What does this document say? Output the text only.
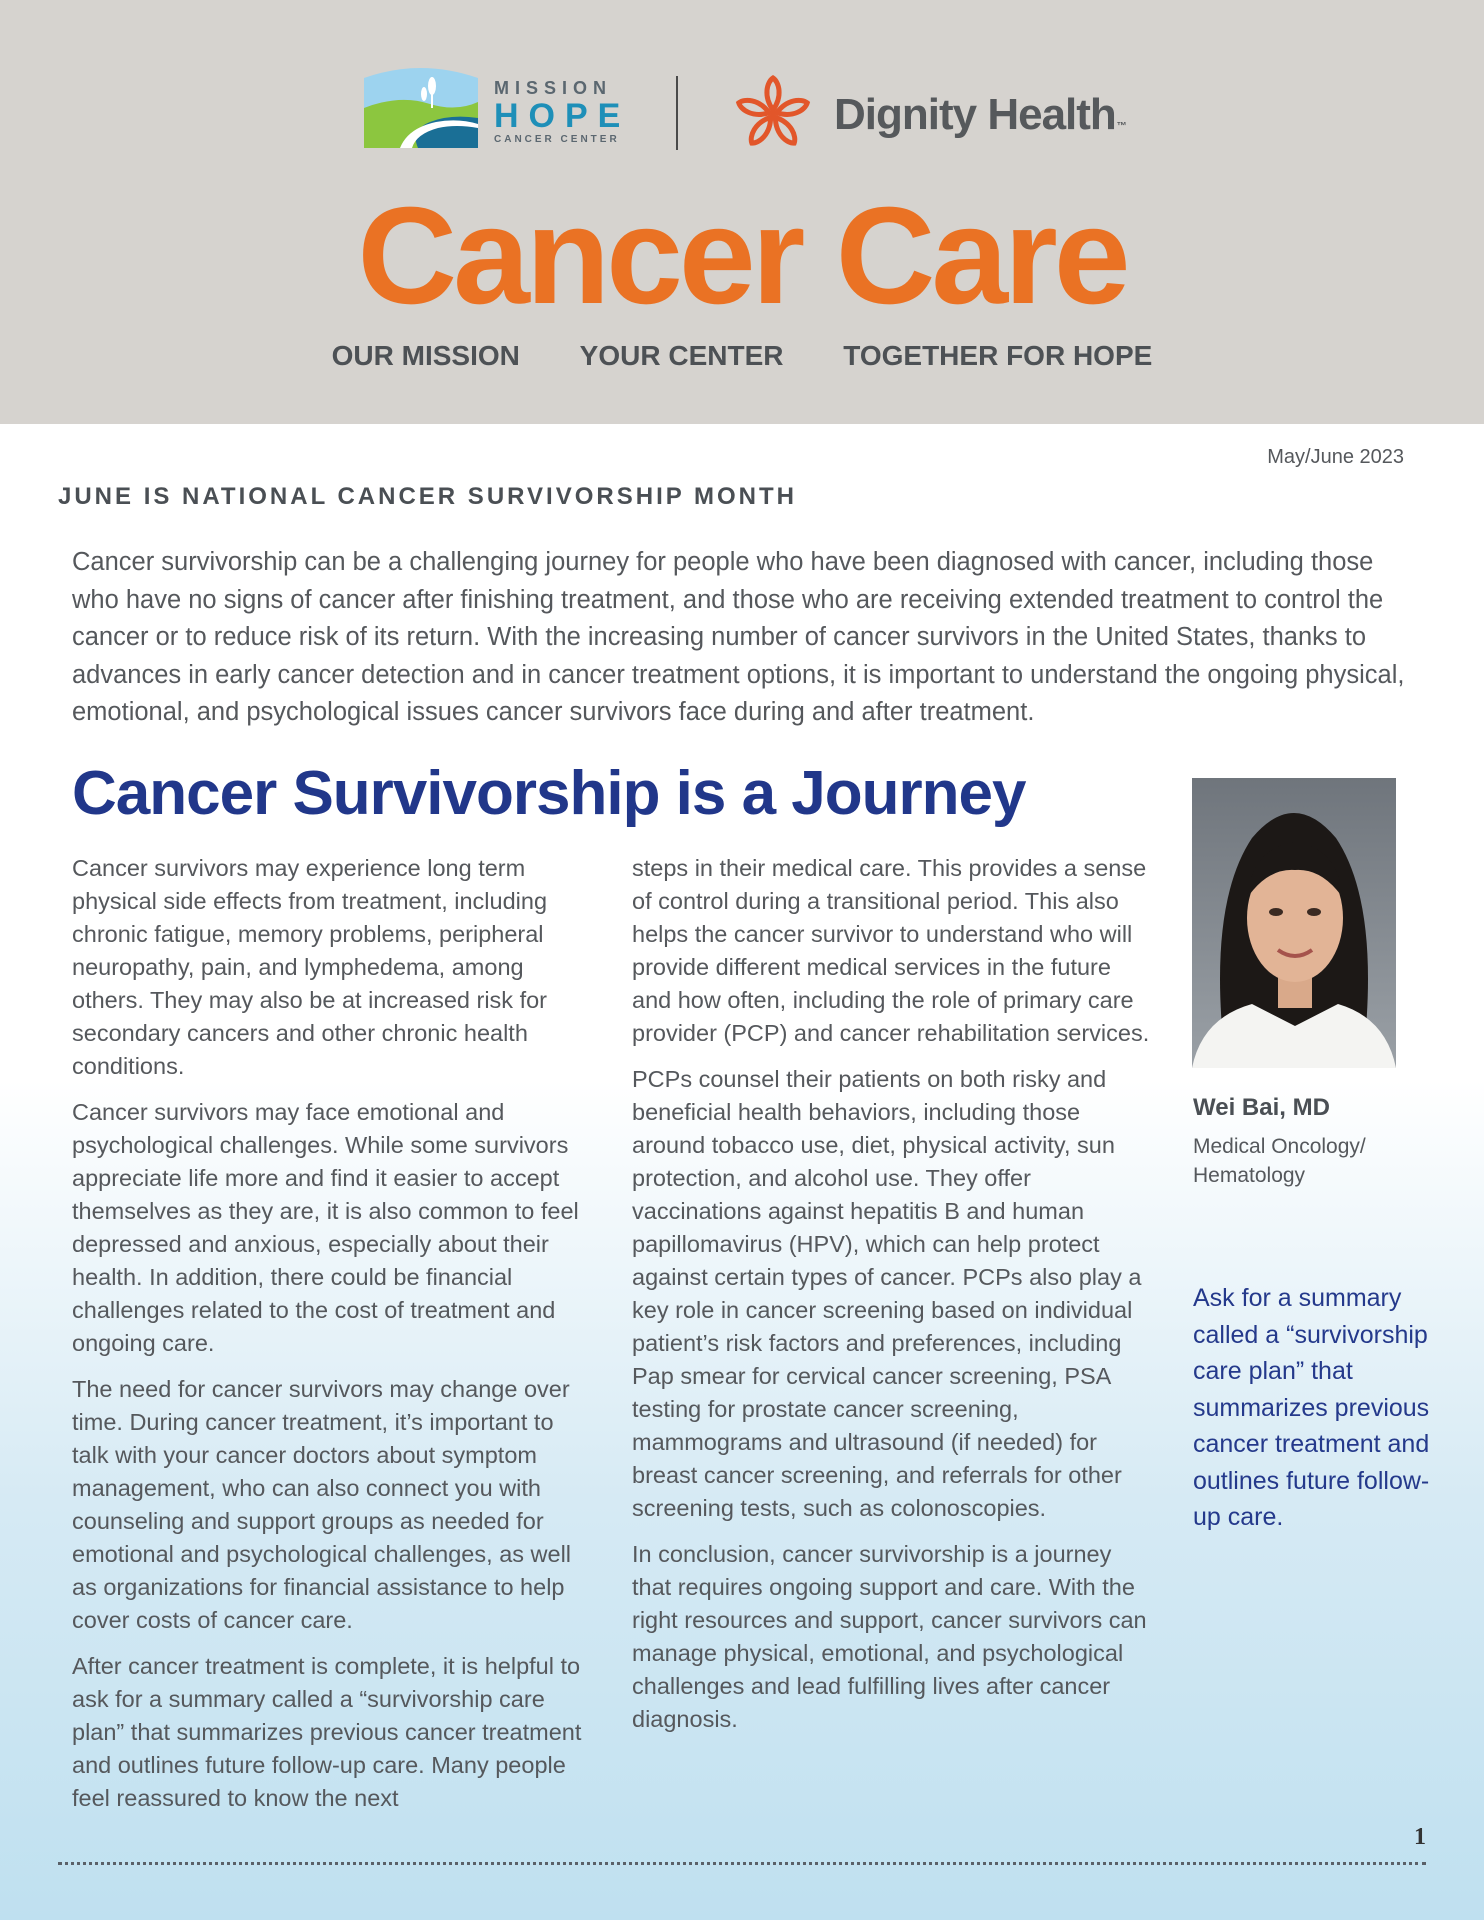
MISSION
HOPE
CANCER CENTER
Dignity Health™
Cancer Care
OUR MISSION YOUR CENTER TOGETHER FOR HOPE
May/June 2023
JUNE IS NATIONAL CANCER SURVIVORSHIP MONTH

Cancer survivorship can be a challenging journey for people who have been diagnosed with cancer, including those who have no signs of cancer after finishing treatment, and those who are receiving extended treatment to control the cancer or to reduce risk of its return. With the increasing number of cancer survivors in the United States, thanks to advances in early cancer detection and in cancer treatment options, it is important to understand the ongoing physical, emotional, and psychological issues cancer survivors face during and after treatment.

Cancer Survivorship is a Journey

Cancer survivors may experience long term physical side effects from treatment, including chronic fatigue, memory problems, peripheral neuropathy, pain, and lymphedema, among others. They may also be at increased risk for secondary cancers and other chronic health conditions.

Cancer survivors may face emotional and psychological challenges. While some survivors appreciate life more and find it easier to accept themselves as they are, it is also common to feel depressed and anxious, especially about their health. In addition, there could be financial challenges related to the cost of treatment and ongoing care.

The need for cancer survivors may change over time. During cancer treatment, it’s important to talk with your cancer doctors about symptom management, who can also connect you with counseling and support groups as needed for emotional and psychological challenges, as well as organizations for financial assistance to help cover costs of cancer care.

After cancer treatment is complete, it is helpful to ask for a summary called a “survivorship care plan” that summarizes previous cancer treatment and outlines future follow-up care. Many people feel reassured to know the next

steps in their medical care. This provides a sense of control during a transitional period. This also helps the cancer survivor to understand who will provide different medical services in the future and how often, including the role of primary care provider (PCP) and cancer rehabilitation services.

PCPs counsel their patients on both risky and beneficial health behaviors, including those around tobacco use, diet, physical activity, sun protection, and alcohol use. They offer vaccinations against hepatitis B and human papillomavirus (HPV), which can help protect against certain types of cancer. PCPs also play a key role in cancer screening based on individual patient’s risk factors and preferences, including Pap smear for cervical cancer screening, PSA testing for prostate cancer screening, mammograms and ultrasound (if needed) for breast cancer screening, and referrals for other screening tests, such as colonoscopies.

In conclusion, cancer survivorship is a journey that requires ongoing support and care. With the right resources and support, cancer survivors can manage physical, emotional, and psychological challenges and lead fulfilling lives after cancer diagnosis.

Wei Bai, MD

Medical Oncology/ Hematology

Ask for a summary called a “survivorship care plan” that summarizes previous cancer treatment and outlines future follow-up care.

1
